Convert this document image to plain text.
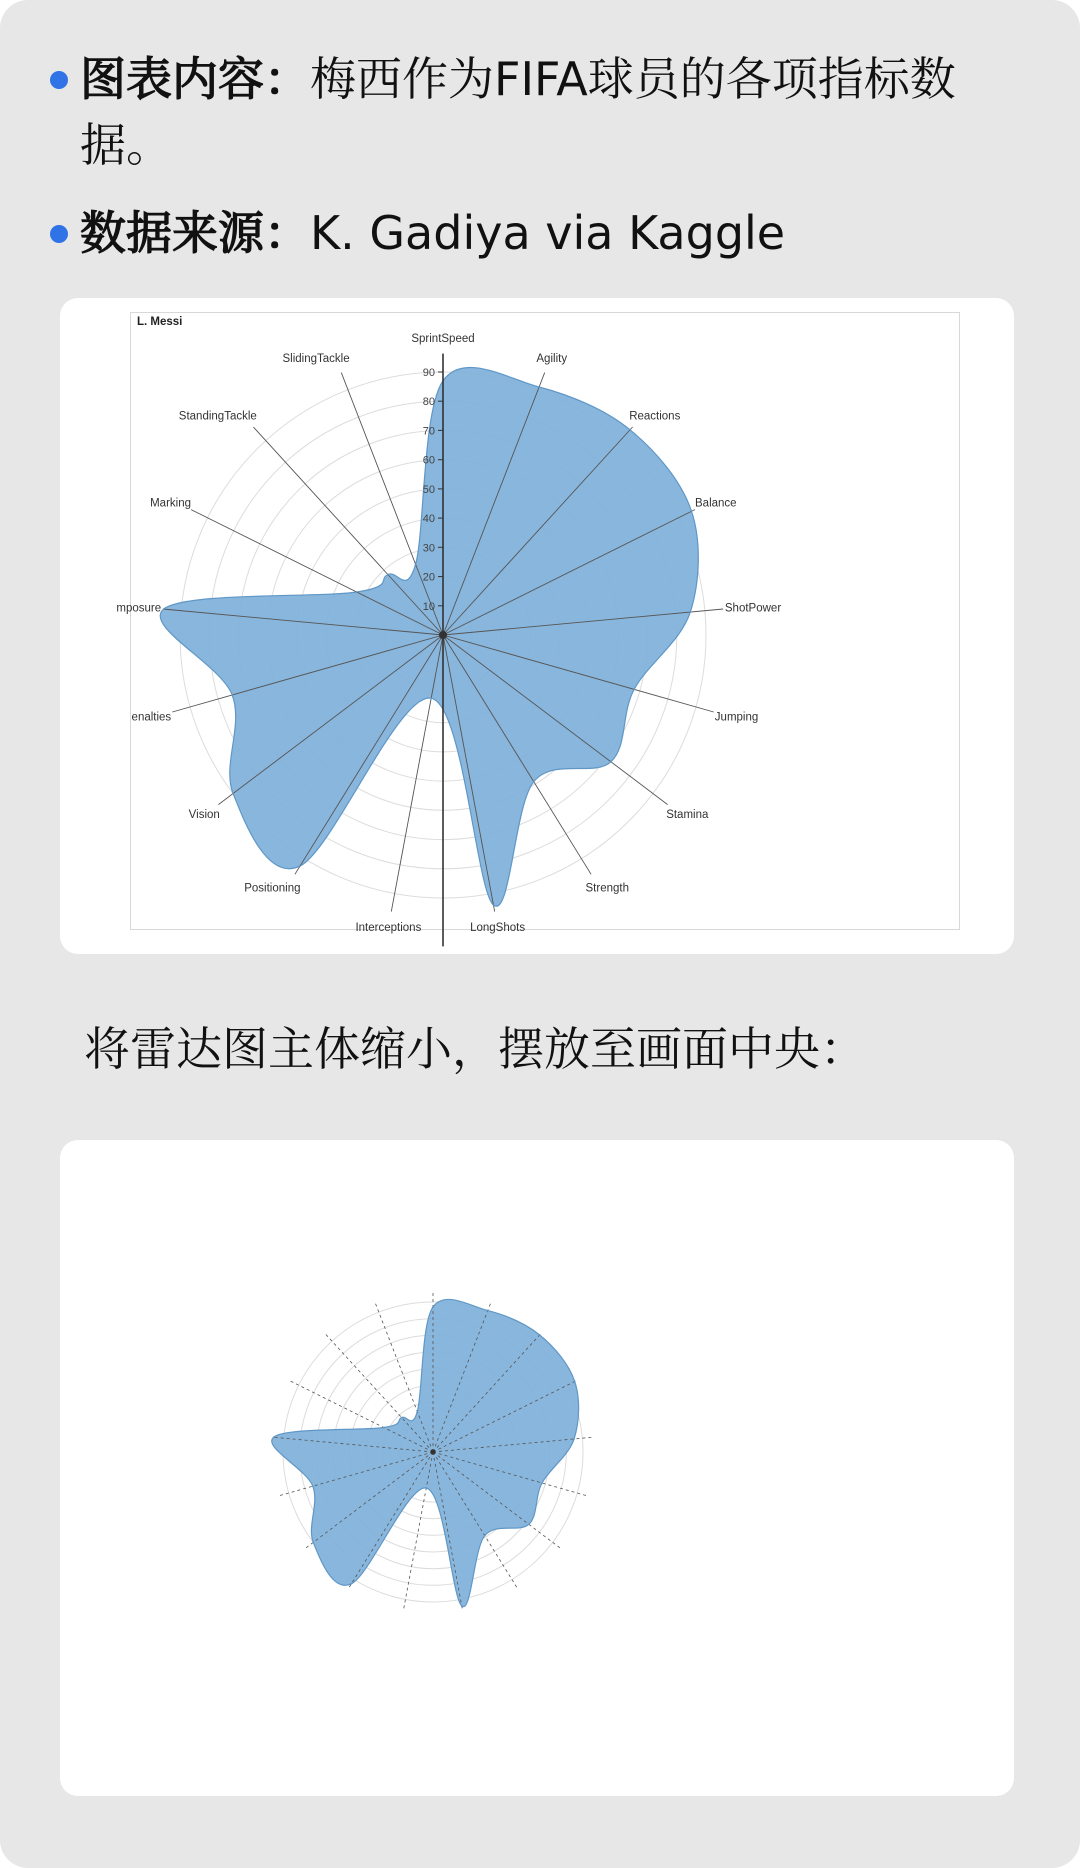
图表内容：梅西作为FIFA球员的各项指标数据。
数据来源：K. Gadiya via Kaggle
10
20
30
40
50
60
70
80
90
SprintSpeed
Agility
Reactions
Balance
ShotPower
Jumping
Stamina
Strength
LongShots
Interceptions
Positioning
Vision
enalties
mposure
Marking
StandingTackle
SlidingTackle
L. Messi
将雷达图主体缩小，摆放至画面中央：
